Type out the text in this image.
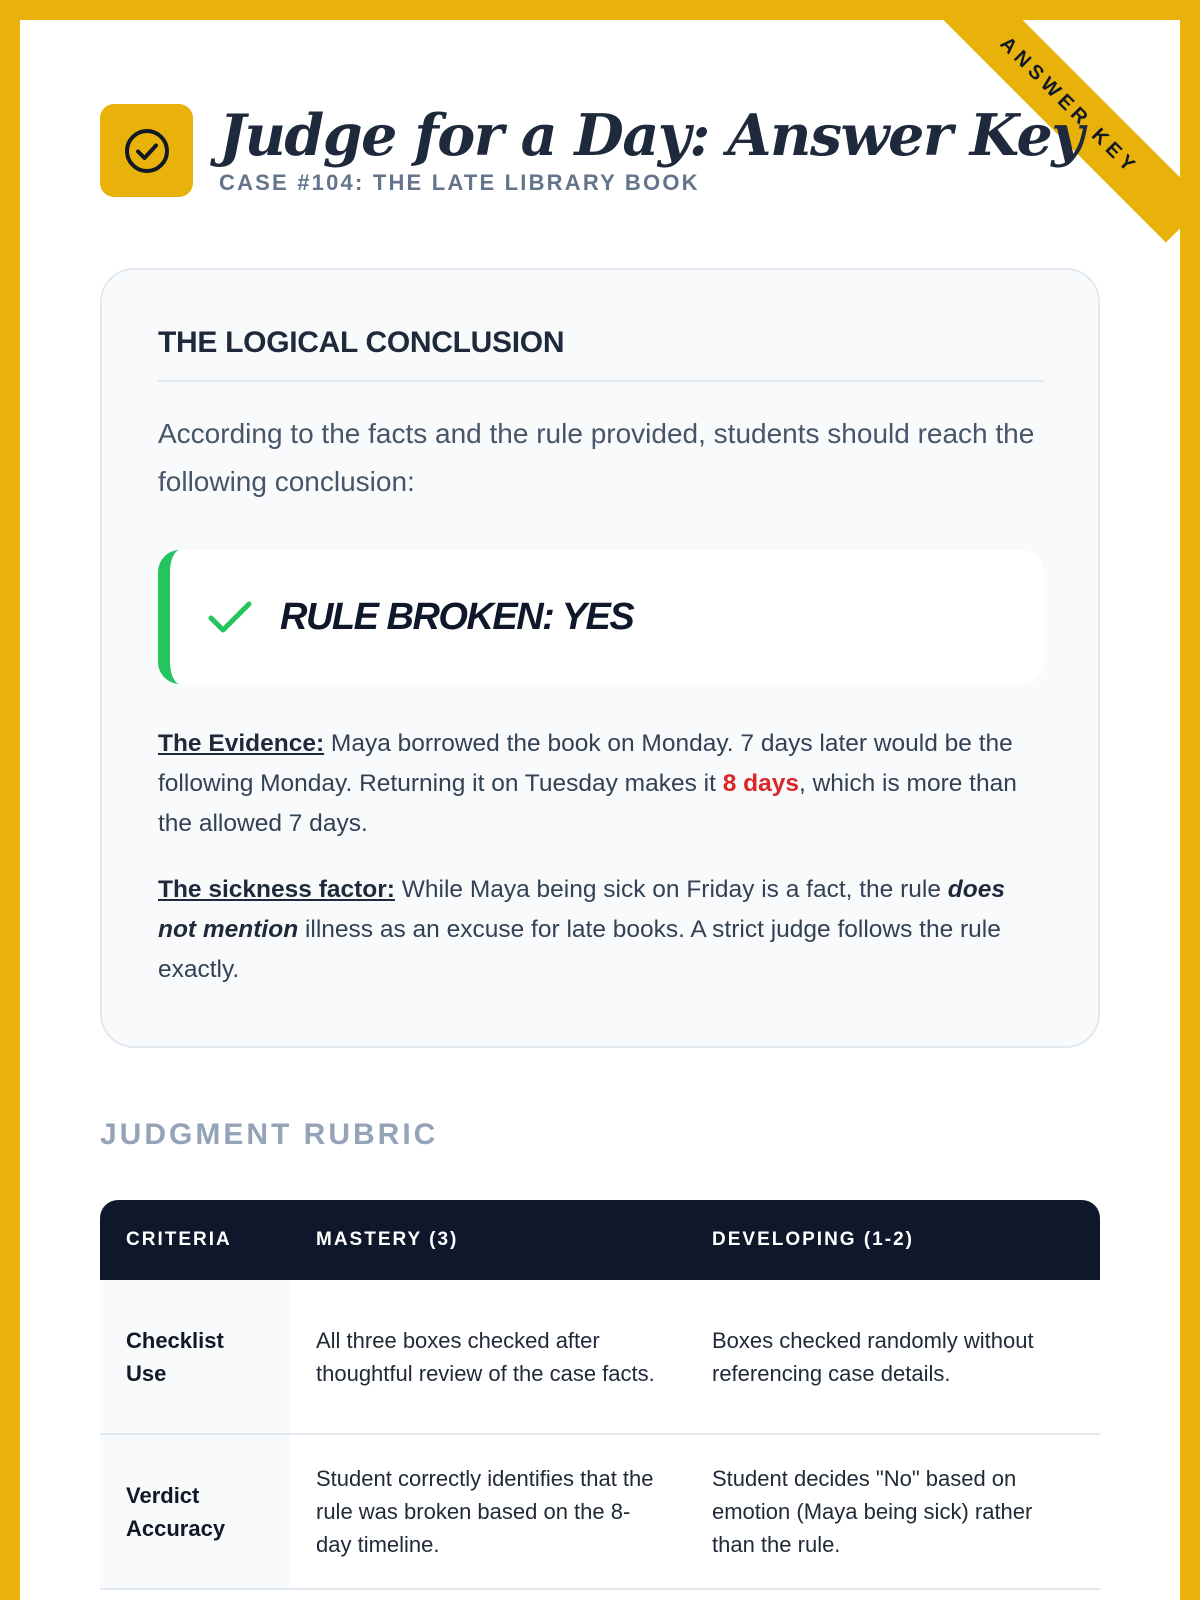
ANSWER KEY
Judge for a Day: Answer Key
CASE #104: THE LATE LIBRARY BOOK
THE LOGICAL CONCLUSION

According to the facts and the rule provided, students should reach the following conclusion:

RULE BROKEN: YES

The Evidence: Maya borrowed the book on Monday. 7 days later would be the following Monday. Returning it on Tuesday makes it 8 days, which is more than the allowed 7 days.

The sickness factor: While Maya being sick on Friday is a fact, the rule does not mention illness as an excuse for late books. A strict judge follows the rule exactly.

JUDGMENT RUBRIC
CRITERIA	MASTERY (3)	DEVELOPING (1-2)
Checklist Use	All three boxes checked after thoughtful review of the case facts.	Boxes checked randomly without referencing case details.
Verdict Accuracy	Student correctly identifies that the rule was broken based on the 8-day timeline.	Student decides "No" based on emotion (Maya being sick) rather than the rule.
